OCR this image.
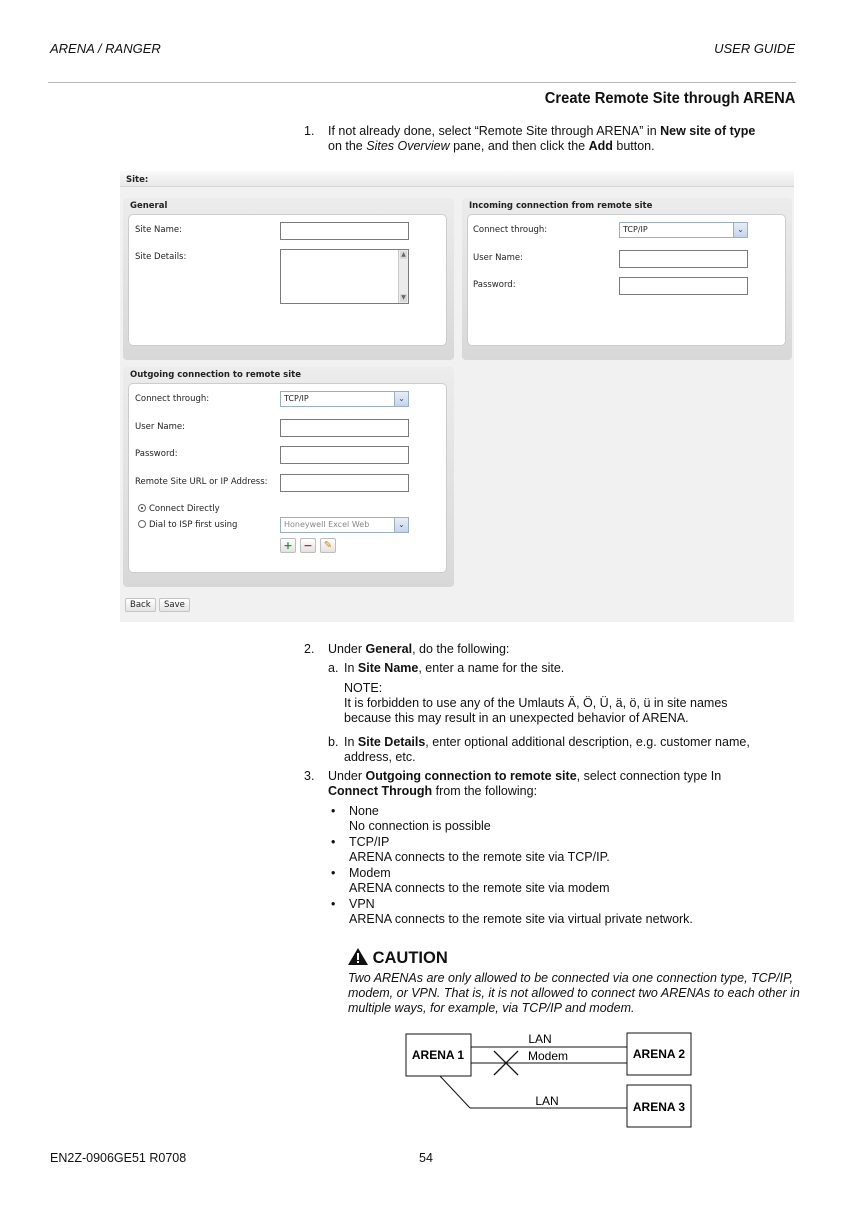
ARENA / RANGER	USER GUIDE
Create Remote Site through ARENA
1. If not already done, select “Remote Site through ARENA” in New site of type
on the Sites Overview pane, and then click the Add button.
Site:
General
Site Name:
Site Details:	▲
▼
Incoming connection from remote site
Connect through:	TCP/IP	⌄
User Name:
Password:
Outgoing connection to remote site
Connect through:	TCP/IP	⌄
User Name:
Password:
Remote Site URL or IP Address:
Connect Directly
Dial to ISP first using	Honeywell Excel Web	⌄
+ −	✎
Back	Save
2. Under General, do the following:
a. In Site Name, enter a name for the site.
NOTE:
It is forbidden to use any of the Umlauts Ä, Ö, Ü, ä, ö, ü in site names
because this may result in an unexpected behavior of ARENA.
b. In Site Details, enter optional additional description, e.g. customer name,
address, etc.
3. Under Outgoing connection to remote site, select connection type In
Connect Through from the following:
• None
No connection is possible
• TCP/IP
ARENA connects to the remote site via TCP/IP.
• Modem
ARENA connects to the remote site via modem
• VPN
ARENA connects to the remote site via virtual private network.
CAUTION
Two ARENAs are only allowed to be connected via one connection type, TCP/IP, modem, or VPN. That is, it is not allowed to connect two ARENAs to each other in multiple ways, for example, via TCP/IP and modem.
ARENA 1	ARENA 2
ARENA 3
LAN
Modem
LAN
EN2Z-0906GE51 R0708	54
